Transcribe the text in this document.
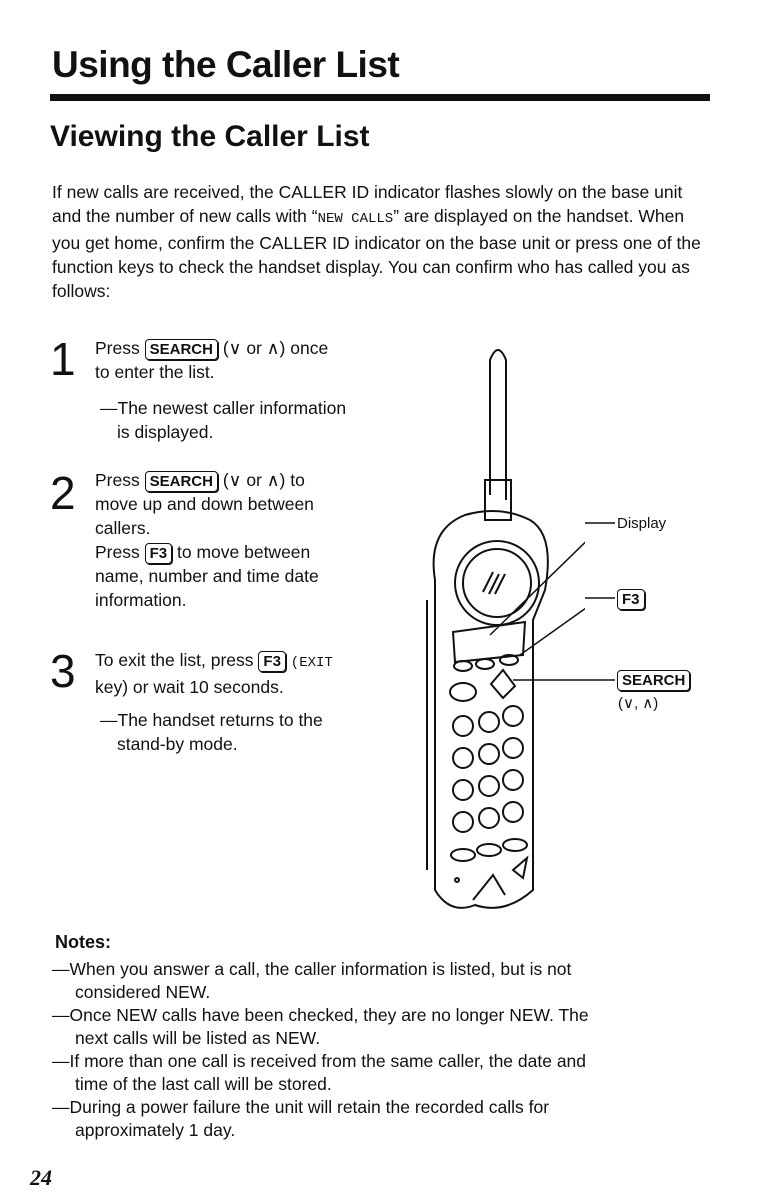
Using the Caller List
Viewing the Caller List

If new calls are received, the CALLER ID indicator flashes slowly on the base unit and the number of new calls with “NEW CALLS” are displayed on the handset. When you get home, confirm the CALLER ID indicator on the base unit or press one of the function keys to check the handset display. You can confirm who has called you as follows:

1 Press SEARCH (∨ or ∧) once
to enter the list.
—The newest caller information
is displayed.
2 Press SEARCH (∨ or ∧) to
move up and down between
callers.
Press F3 to move between
name, number and time date
information.
3 To exit the list, press F3 (EXIT
key) or wait 10 seconds.
—The handset returns to the
stand-by mode.
Display
F3
SEARCH
(∨, ∧)
Notes:
—When you answer a call, the caller information is listed, but is not
considered NEW.
—Once NEW calls have been checked, they are no longer NEW. The
next calls will be listed as NEW.
—If more than one call is received from the same caller, the date and
time of the last call will be stored.
—During a power failure the unit will retain the recorded calls for
approximately 1 day.
24
